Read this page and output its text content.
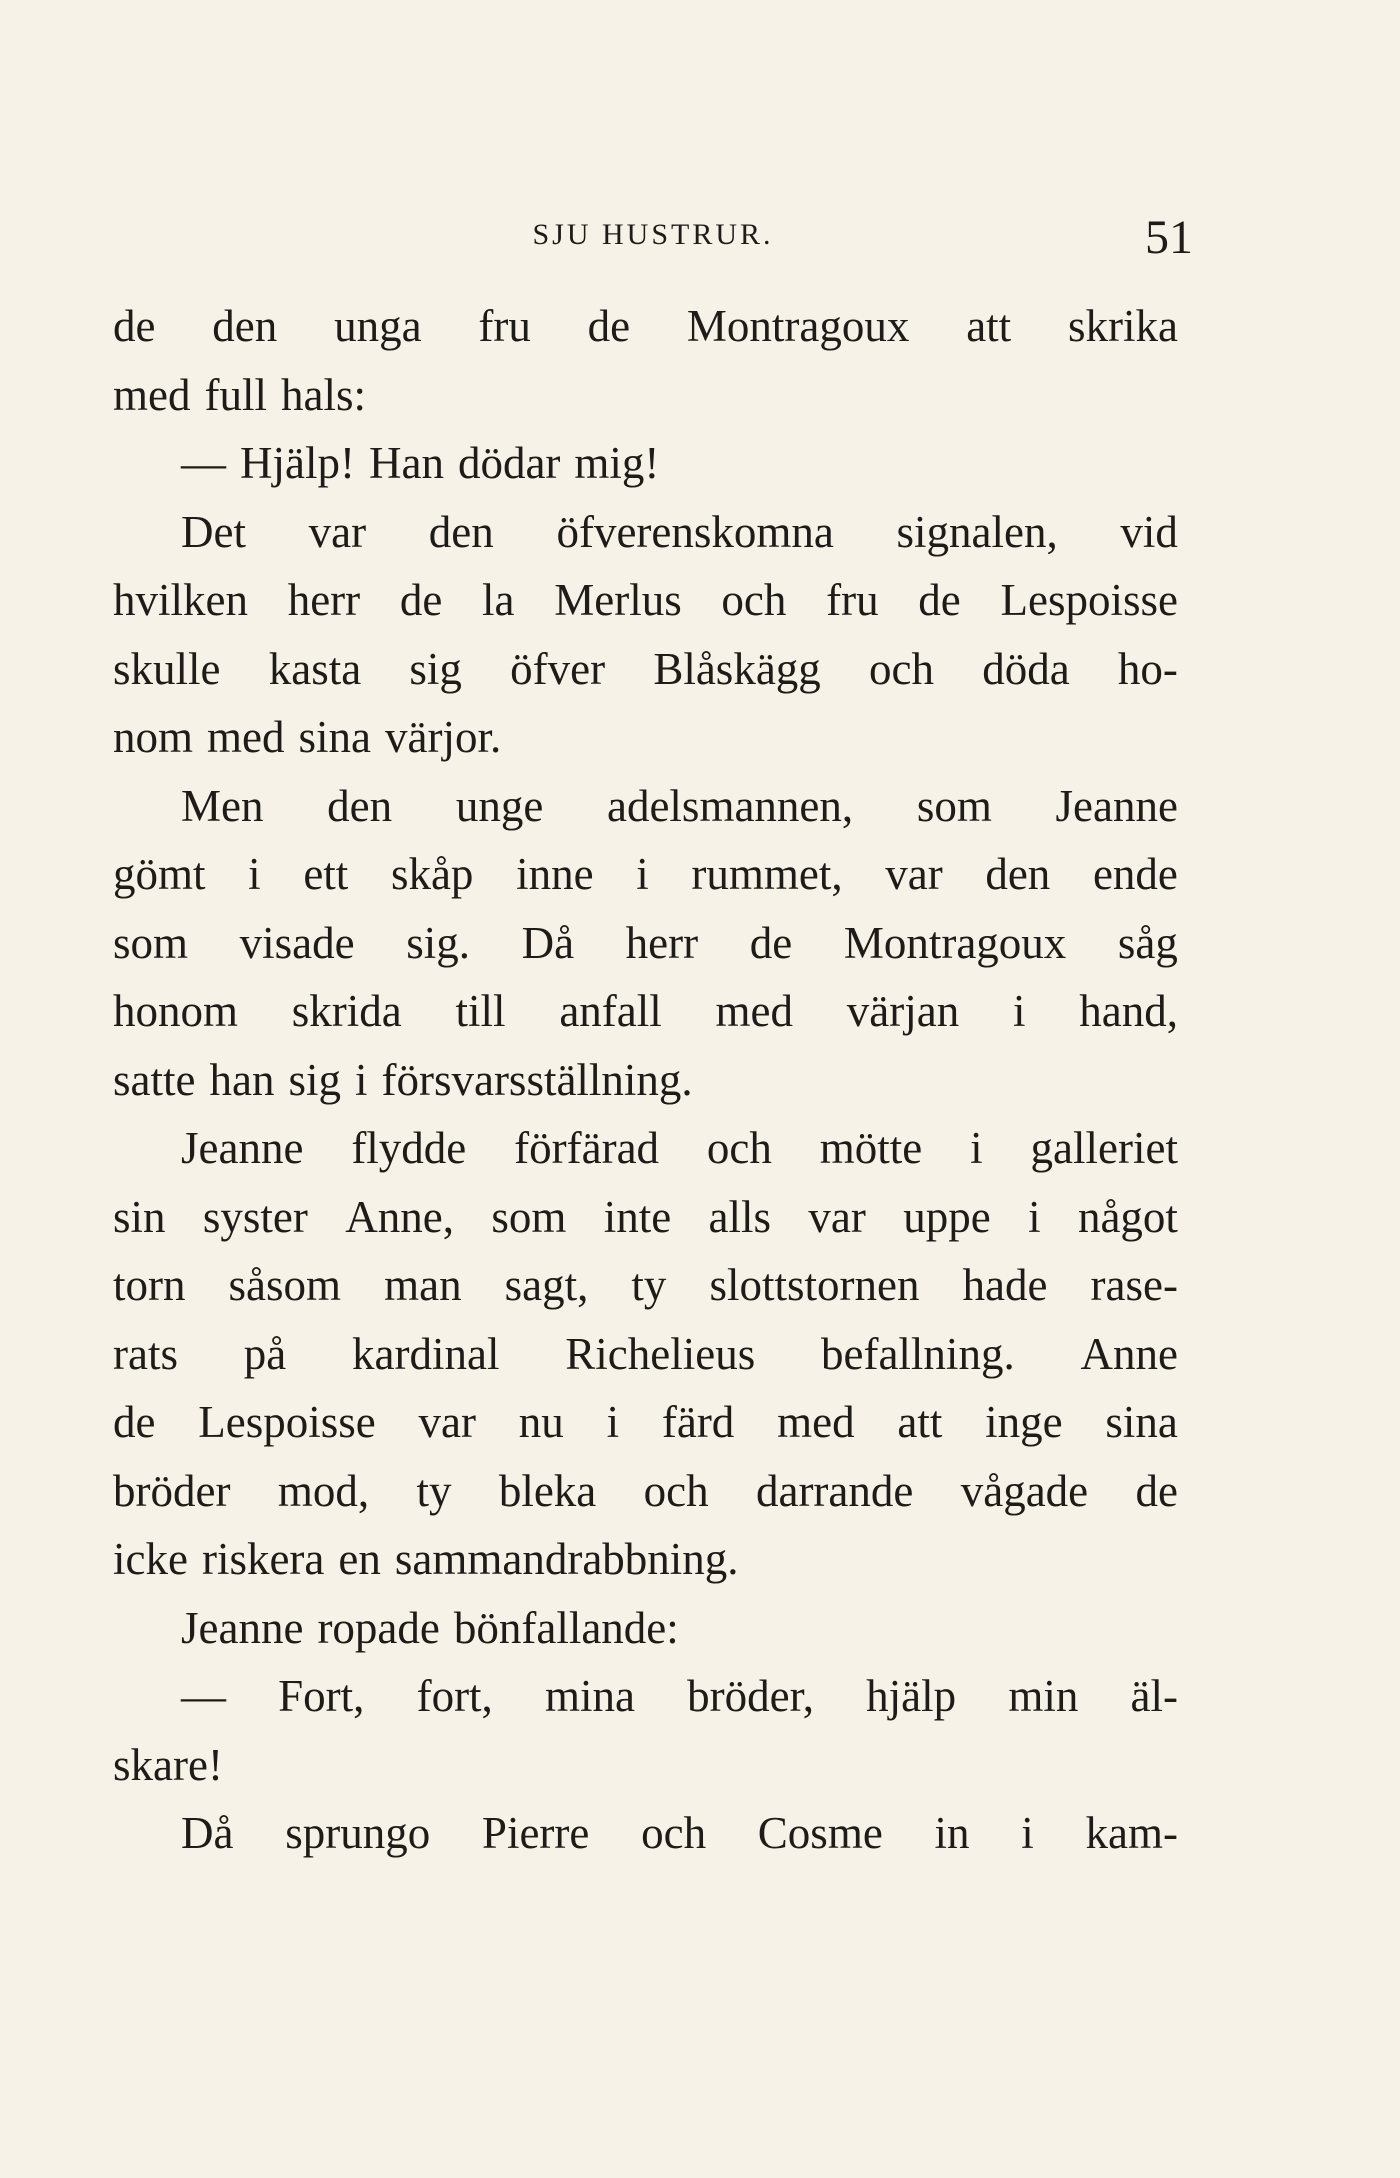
SJU HUSTRUR.	51
de den unga fru de Montragoux att skrika
med full hals:
— Hjälp! Han dödar mig!
Det var den öfverenskomna signalen, vid
hvilken herr de la Merlus och fru de Lespoisse
skulle kasta sig öfver Blåskägg och döda ho-
nom med sina värjor.
Men den unge adelsmannen, som Jeanne
gömt i ett skåp inne i rummet, var den ende
som visade sig. Då herr de Montragoux såg
honom skrida till anfall med värjan i hand,
satte han sig i försvarsställning.
Jeanne flydde förfärad och mötte i galleriet
sin syster Anne, som inte alls var uppe i något
torn såsom man sagt, ty slottstornen hade rase-
rats på kardinal Richelieus befallning. Anne
de Lespoisse var nu i färd med att inge sina
bröder mod, ty bleka och darrande vågade de
icke riskera en sammandrabbning.
Jeanne ropade bönfallande:
— Fort, fort, mina bröder, hjälp min äl-
skare!
Då sprungo Pierre och Cosme in i kam-
